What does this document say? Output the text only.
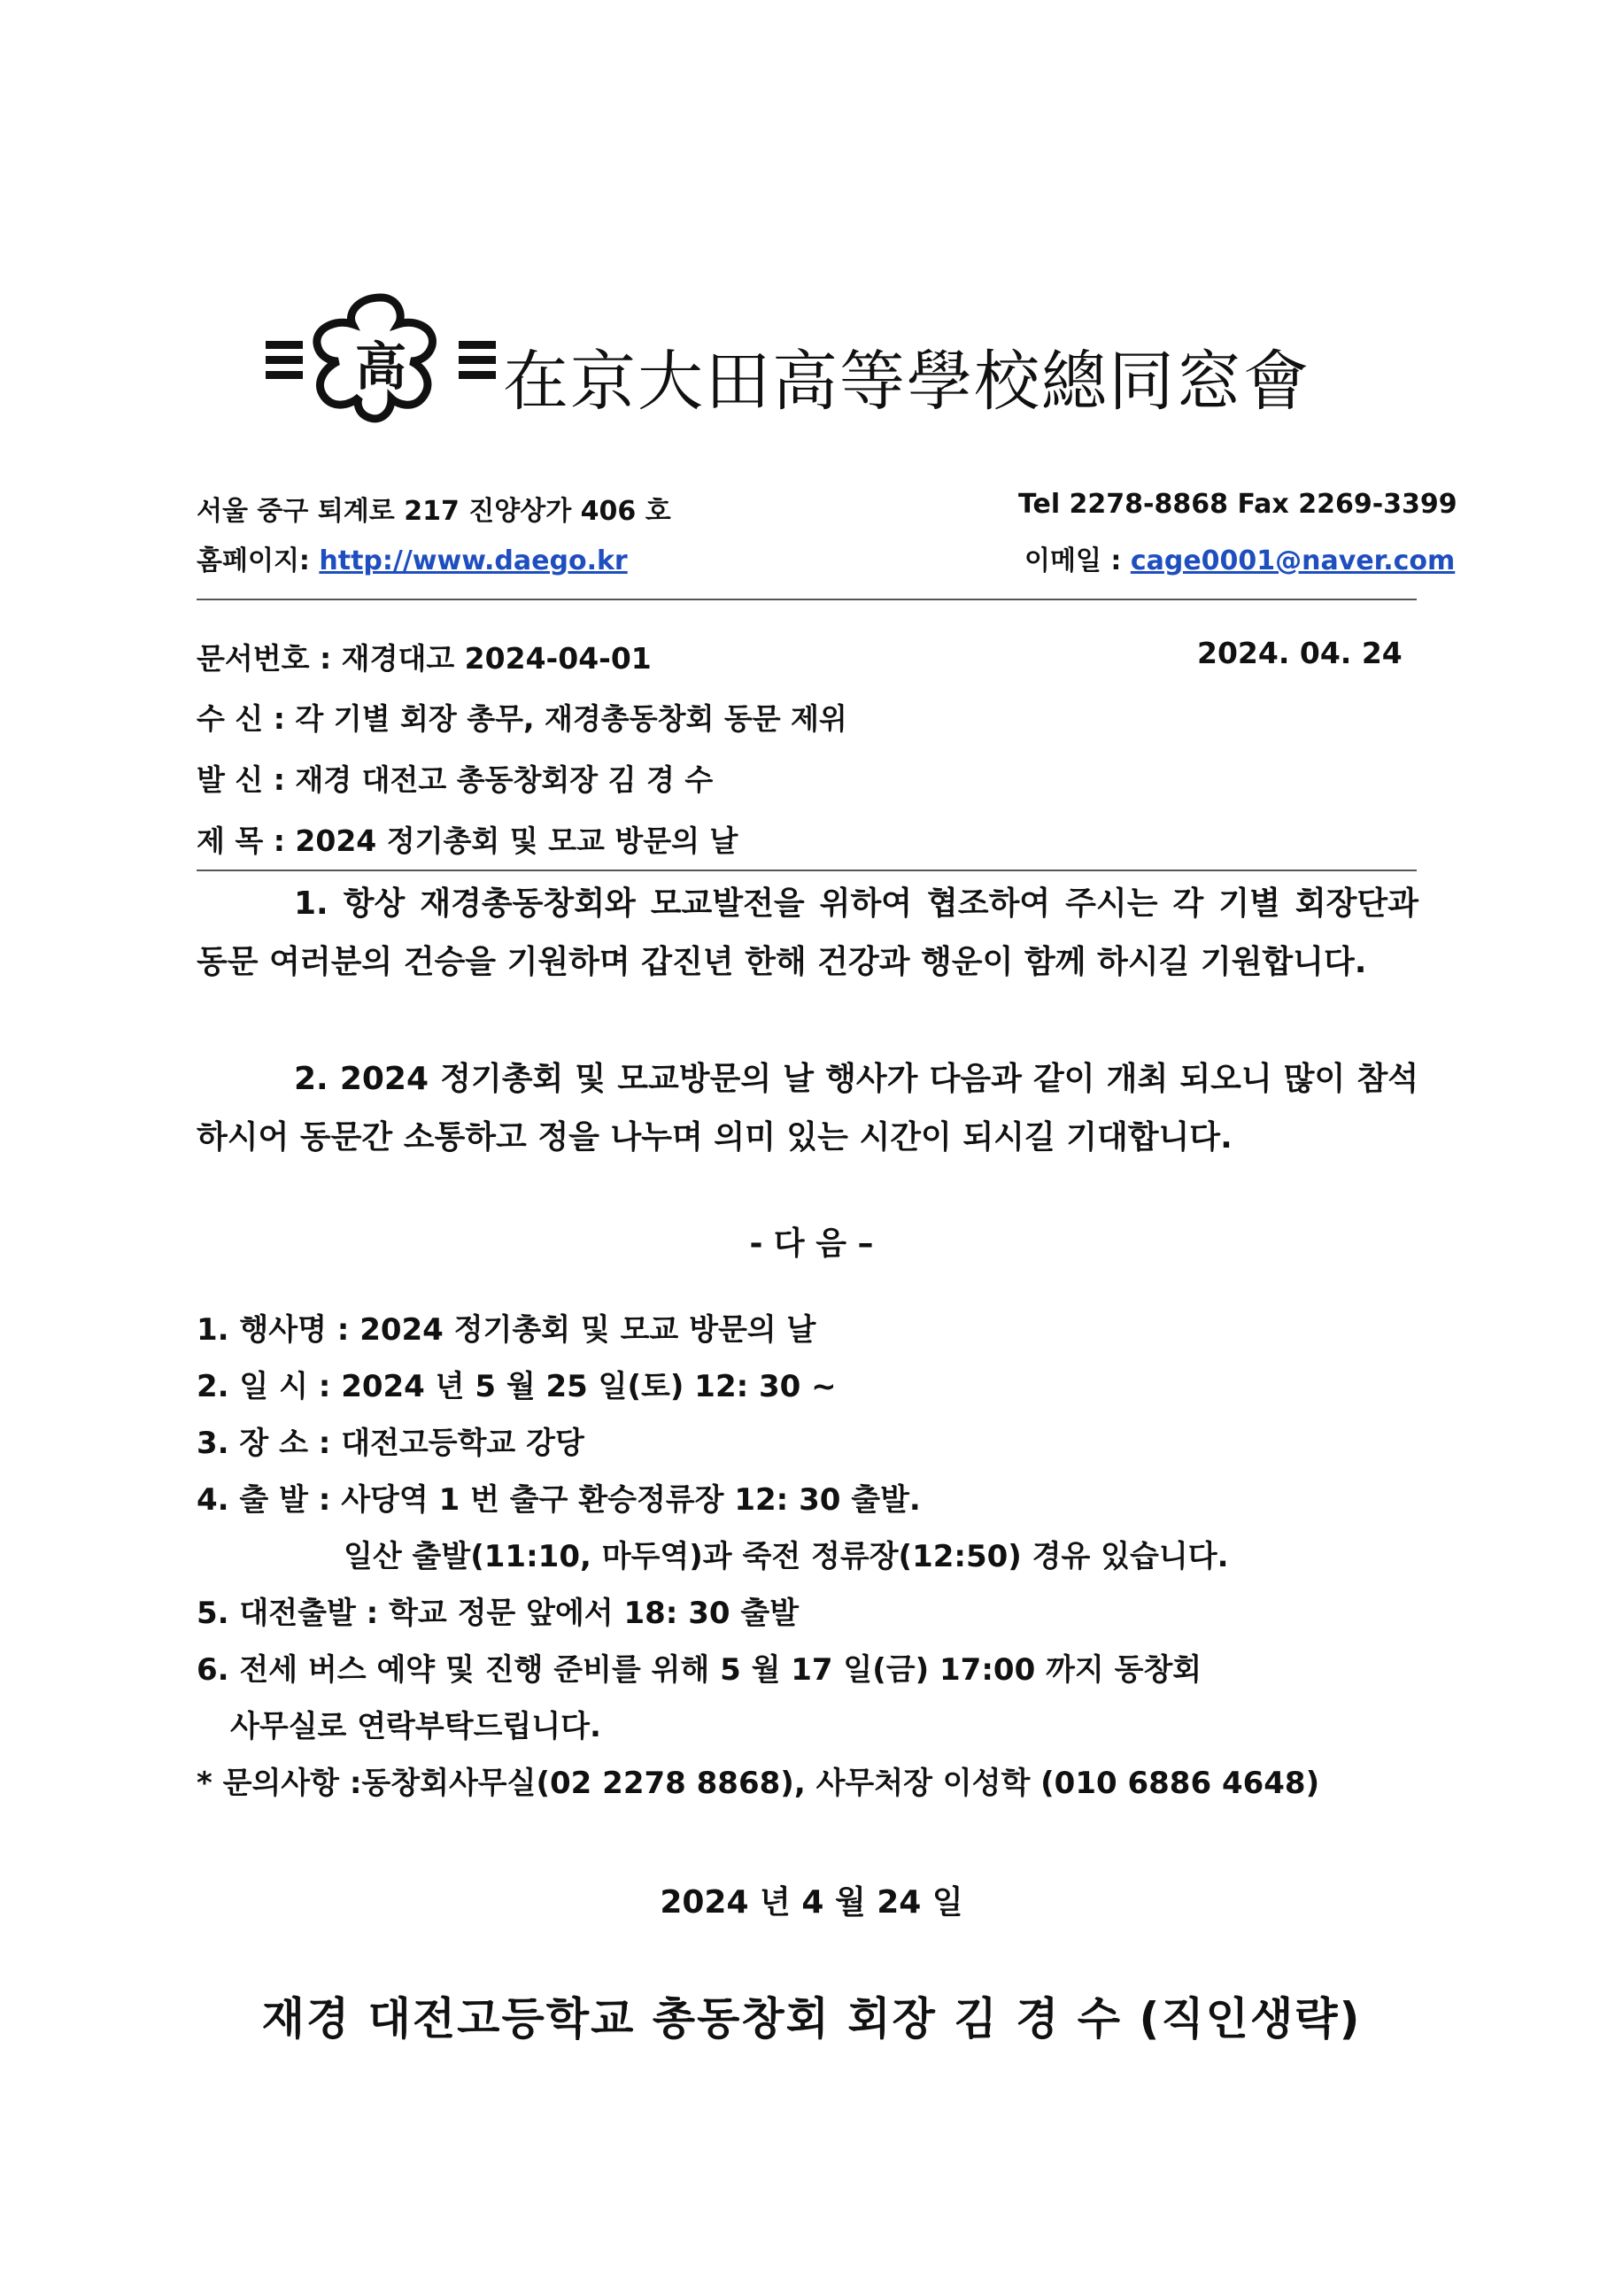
高 在京大田高等學校總同窓會
서울 중구 퇴계로 217 진양상가 406 호	Tel 2278-8868 Fax 2269-3399
홈페이지: http://www.daego.kr	이메일 : cage0001@naver.com
문서번호 : 재경대고 2024-04-01	2024. 04. 24
수 신 : 각 기별 회장 총무, 재경총동창회 동문 제위
발 신 : 재경 대전고 총동창회장 김 경 수
제 목 : 2024 정기총회 및 모교 방문의 날
1. 항상 재경총동창회와 모교발전을 위하여 협조하여 주시는 각 기별 회장단과 동문 여러분의 건승을 기원하며 갑진년 한해 건강과 행운이 함께 하시길 기원합니다.
2. 2024 정기총회 및 모교방문의 날 행사가 다음과 같이 개최 되오니 많이 참석하시어 동문간 소통하고 정을 나누며 의미 있는 시간이 되시길 기대합니다.
- 다 음 –
1. 행사명 : 2024 정기총회 및 모교 방문의 날
2. 일 시 : 2024 년 5 월 25 일(토) 12: 30 ~
3. 장 소 : 대전고등학교 강당
4. 출 발 : 사당역 1 번 출구 환승정류장 12: 30 출발.
일산 출발(11:10, 마두역)과 죽전 정류장(12:50) 경유 있습니다.
5. 대전출발 : 학교 정문 앞에서 18: 30 출발
6. 전세 버스 예약 및 진행 준비를 위해 5 월 17 일(금) 17:00 까지 동창회
사무실로 연락부탁드립니다.
* 문의사항 :동창회사무실(02 2278 8868), 사무처장 이성학 (010 6886 4648)
2024 년 4 월 24 일
재경 대전고등학교 총동창회 회장 김 경 수 (직인생략)
